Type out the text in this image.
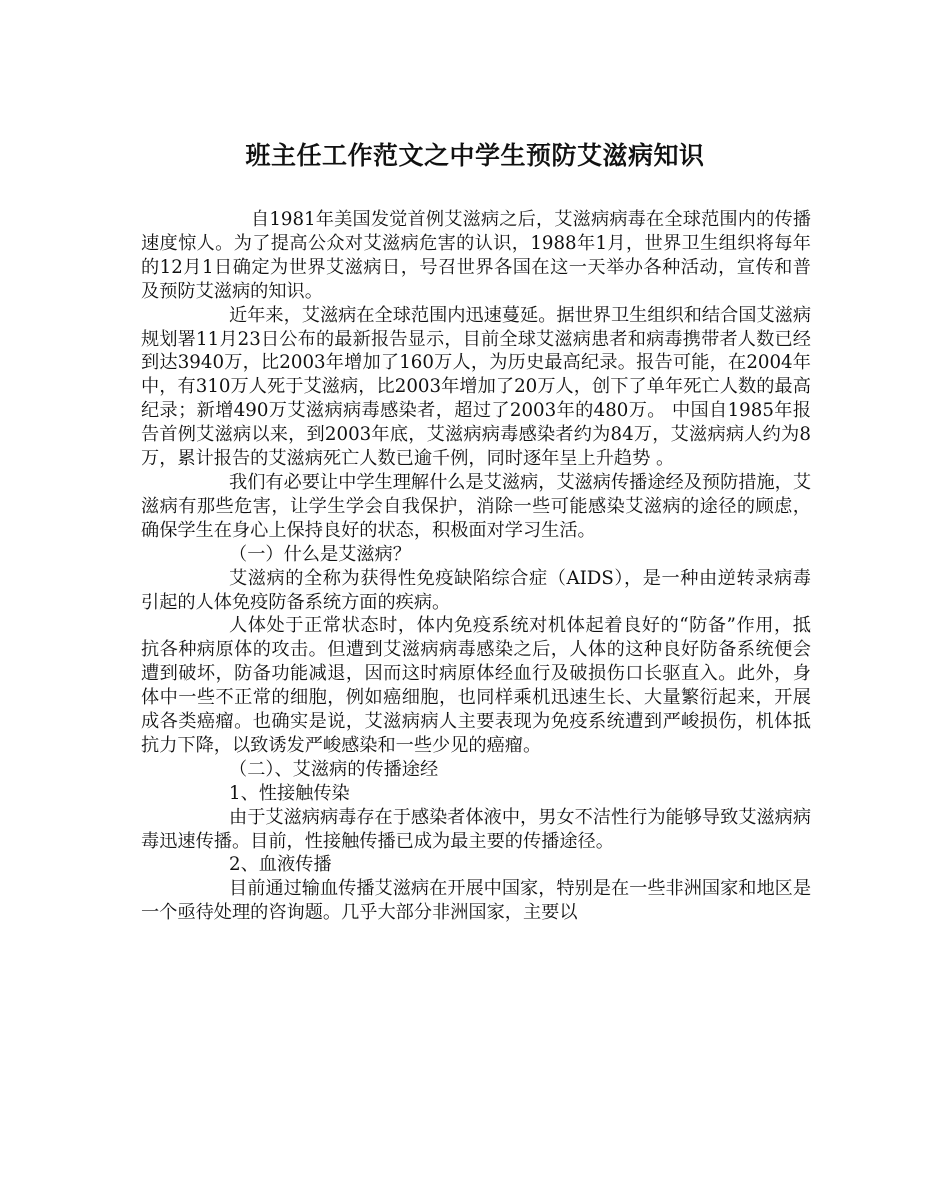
班主任工作范文之中学生预防艾滋病知识

自1981年美国发觉首例艾滋病之后，艾滋病病毒在全球范围内的传播速度惊人。为了提高公众对艾滋病危害的认识，1988年1月，世界卫生组织将每年的12月1日确定为世界艾滋病日，号召世界各国在这一天举办各种活动，宣传和普及预防艾滋病的知识。

近年来，艾滋病在全球范围内迅速蔓延。据世界卫生组织和结合国艾滋病规划署11月23日公布的最新报告显示，目前全球艾滋病患者和病毒携带者人数已经到达3940万，比2003年增加了160万人，为历史最高纪录。报告可能，在2004年中，有310万人死于艾滋病，比2003年增加了20万人，创下了单年死亡人数的最高纪录；新增490万艾滋病病毒感染者，超过了2003年的480万。 中国自1985年报告首例艾滋病以来，到2003年底，艾滋病病毒感染者约为84万，艾滋病病人约为8万，累计报告的艾滋病死亡人数已逾千例，同时逐年呈上升趋势 。

我们有必要让中学生理解什么是艾滋病，艾滋病传播途经及预防措施，艾滋病有那些危害，让学生学会自我保护，消除一些可能感染艾滋病的途径的顾虑，确保学生在身心上保持良好的状态，积极面对学习生活。

（一）什么是艾滋病？

艾滋病的全称为获得性免疫缺陷综合症（AIDS），是一种由逆转录病毒引起的人体免疫防备系统方面的疾病。

人体处于正常状态时，体内免疫系统对机体起着良好的“防备”作用，抵抗各种病原体的攻击。但遭到艾滋病病毒感染之后，人体的这种良好防备系统便会遭到破坏，防备功能减退，因而这时病原体经血行及破损伤口长驱直入。此外，身体中一些不正常的细胞，例如癌细胞，也同样乘机迅速生长、大量繁衍起来，开展成各类癌瘤。也确实是说，艾滋病病人主要表现为免疫系统遭到严峻损伤，机体抵抗力下降，以致诱发严峻感染和一些少见的癌瘤。

（二）、艾滋病的传播途经

1、性接触传染

由于艾滋病病毒存在于感染者体液中，男女不洁性行为能够导致艾滋病病毒迅速传播。目前，性接触传播已成为最主要的传播途径。

2、血液传播

目前通过输血传播艾滋病在开展中国家，特别是在一些非洲国家和地区是一个亟待处理的咨询题。几乎大部分非洲国家，主要以
